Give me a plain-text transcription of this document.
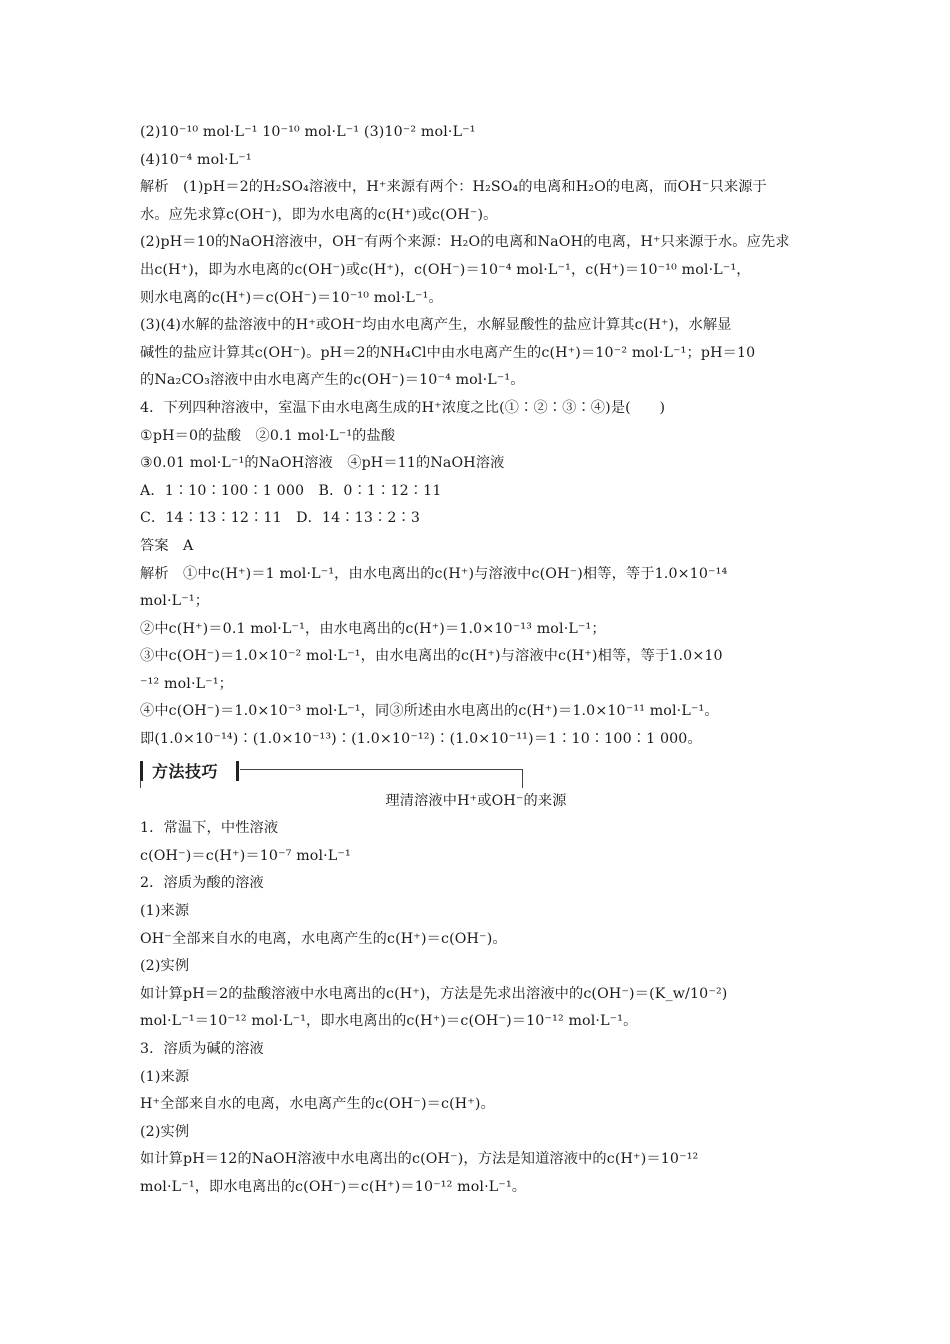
(2)10⁻¹⁰ mol·L⁻¹ 10⁻¹⁰ mol·L⁻¹ (3)10⁻² mol·L⁻¹
(4)10⁻⁴ mol·L⁻¹
解析　(1)pH＝2的H₂SO₄溶液中，H⁺来源有两个：H₂SO₄的电离和H₂O的电离，而OH⁻只来源于
水。应先求算c(OH⁻)，即为水电离的c(H⁺)或c(OH⁻)。
(2)pH＝10的NaOH溶液中，OH⁻有两个来源：H₂O的电离和NaOH的电离，H⁺只来源于水。应先求
出c(H⁺)，即为水电离的c(OH⁻)或c(H⁺)，c(OH⁻)＝10⁻⁴ mol·L⁻¹，c(H⁺)＝10⁻¹⁰ mol·L⁻¹，
则水电离的c(H⁺)＝c(OH⁻)＝10⁻¹⁰ mol·L⁻¹。
(3)(4)水解的盐溶液中的H⁺或OH⁻均由水电离产生，水解显酸性的盐应计算其c(H⁺)，水解显
碱性的盐应计算其c(OH⁻)。pH＝2的NH₄Cl中由水电离产生的c(H⁺)＝10⁻² mol·L⁻¹；pH＝10
的Na₂CO₃溶液中由水电离产生的c(OH⁻)＝10⁻⁴ mol·L⁻¹。
4．下列四种溶液中，室温下由水电离生成的H⁺浓度之比(①∶②∶③∶④)是(　　)
①pH＝0的盐酸　②0.1 mol·L⁻¹的盐酸
③0.01 mol·L⁻¹的NaOH溶液　④pH＝11的NaOH溶液
A．1∶10∶100∶1 000　B．0∶1∶12∶11
C．14∶13∶12∶11　D．14∶13∶2∶3
答案　A
解析　①中c(H⁺)＝1 mol·L⁻¹，由水电离出的c(H⁺)与溶液中c(OH⁻)相等，等于1.0×10⁻¹⁴
mol·L⁻¹；
②中c(H⁺)＝0.1 mol·L⁻¹，由水电离出的c(H⁺)＝1.0×10⁻¹³ mol·L⁻¹；
③中c(OH⁻)＝1.0×10⁻² mol·L⁻¹，由水电离出的c(H⁺)与溶液中c(H⁺)相等，等于1.0×10
⁻¹² mol·L⁻¹；
④中c(OH⁻)＝1.0×10⁻³ mol·L⁻¹，同③所述由水电离出的c(H⁺)＝1.0×10⁻¹¹ mol·L⁻¹。
即(1.0×10⁻¹⁴)∶(1.0×10⁻¹³)∶(1.0×10⁻¹²)∶(1.0×10⁻¹¹)＝1∶10∶100∶1 000。
方法技巧
理清溶液中H⁺或OH⁻的来源
1．常温下，中性溶液
c(OH⁻)＝c(H⁺)＝10⁻⁷ mol·L⁻¹
2．溶质为酸的溶液
(1)来源
OH⁻全部来自水的电离，水电离产生的c(H⁺)＝c(OH⁻)。
(2)实例
如计算pH＝2的盐酸溶液中水电离出的c(H⁺)，方法是先求出溶液中的c(OH⁻)＝(K_w/10⁻²)
mol·L⁻¹＝10⁻¹² mol·L⁻¹，即水电离出的c(H⁺)＝c(OH⁻)＝10⁻¹² mol·L⁻¹。
3．溶质为碱的溶液
(1)来源
H⁺全部来自水的电离，水电离产生的c(OH⁻)＝c(H⁺)。
(2)实例
如计算pH＝12的NaOH溶液中水电离出的c(OH⁻)，方法是知道溶液中的c(H⁺)＝10⁻¹²
mol·L⁻¹，即水电离出的c(OH⁻)＝c(H⁺)＝10⁻¹² mol·L⁻¹。
